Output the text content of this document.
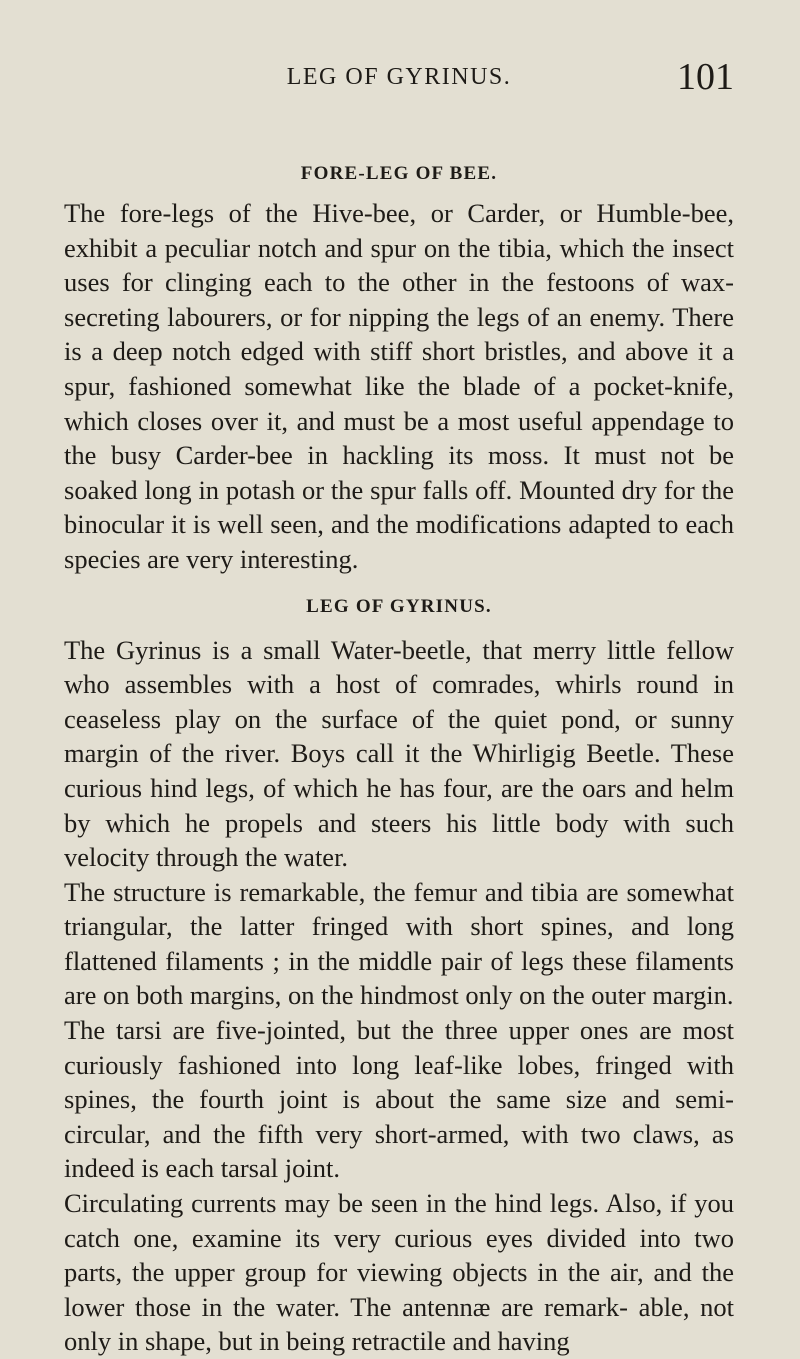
LEG OF GYRINUS.	101
FORE-LEG OF BEE.

The fore-legs of the Hive-bee, or Carder, or Humble-bee, exhibit a peculiar notch and spur on the tibia, which the insect uses for clinging each to the other in the festoons of wax-secreting labourers, or for nipping the legs of an enemy. There is a deep notch edged with stiff short bristles, and above it a spur, fashioned somewhat like the blade of a pocket-knife, which closes over it, and must be a most useful appendage to the busy Carder-bee in hackling its moss. It must not be soaked long in potash or the spur falls off. Mounted dry for the binocular it is well seen, and the modifications adapted to each species are very interesting.

LEG OF GYRINUS.

The Gyrinus is a small Water-beetle, that merry little fellow who assembles with a host of comrades, whirls round in ceaseless play on the surface of the quiet pond, or sunny margin of the river. Boys call it the Whirligig Beetle. These curious hind legs, of which he has four, are the oars and helm by which he propels and steers his little body with such velocity through the water.

The structure is remarkable, the femur and tibia are somewhat triangular, the latter fringed with short spines, and long flattened filaments ; in the middle pair of legs these filaments are on both margins, on the hindmost only on the outer margin.

The tarsi are five-jointed, but the three upper ones are most curiously fashioned into long leaf-like lobes, fringed with spines, the fourth joint is about the same size and semi-circular, and the fifth very short-armed, with two claws, as indeed is each tarsal joint.

Circulating currents may be seen in the hind legs. Also, if you catch one, examine its very curious eyes divided into two parts, the upper group for viewing objects in the air, and the lower those in the water. The antennæ are remark- able, not only in shape, but in being retractile and having
